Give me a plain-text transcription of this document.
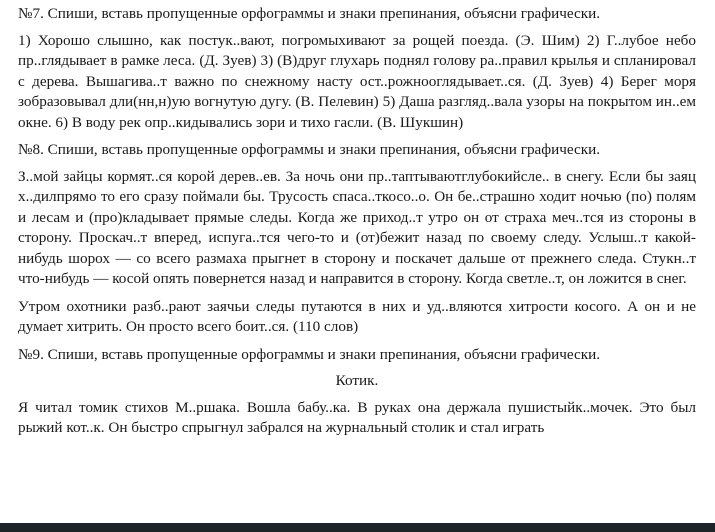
№7. Спиши, вставь пропущенные орфограммы и знаки препинания, объясни графически.

1) Хорошо слышно, как постук..вают, погромыхивают за рощей поезда. (Э. Шим) 2) Г..лубое небо пр..глядывает в рамке леса. (Д. Зуев) 3) (В)друг глухарь поднял голову ра..правил крылья и спланировал с дерева. Вышагива..т важно по снежному насту ост..рожнооглядывает..ся. (Д. Зуев) 4) Берег моря зобразовывал дли(нн,н)ую вогнутую дугу. (В. Пелевин) 5) Даша разгляд..вала узоры на покрытом ин..ем окне. 6) В воду рек опр..кидывались зори и тихо гасли. (В. Шукшин)

№8. Спиши, вставь пропущенные орфограммы и знаки препинания, объясни графически.

З..мой зайцы кормят..ся корой дерев..ев. За ночь они пр..таптываютглубокийсле.. в снегу. Если бы заяц х..дилпрямо то его сразу поймали бы. Трусость спаса..ткосо..о. Он бе..страшно ходит ночью (по) полям и лесам и (про)кладывает прямые следы. Когда же приход..т утро он от страха меч..тся из стороны в сторону. Проскач..т вперед, испуга..тся чего-то и (от)бежит назад по своему следу. Услыш..т какой-нибудь шорох — со всего размаха прыгнет в сторону и поскачет дальше от прежнего следа. Стукн..т что-нибудь — косой опять повернется назад и направится в сторону. Когда светле..т, он ложится в снег.

Утром охотники разб..рают заячьи следы путаются в них и уд..вляются хитрости косого. А он и не думает хитрить. Он просто всего боит..ся. (110 слов)

№9. Спиши, вставь пропущенные орфограммы и знаки препинания, объясни графически.

Котик.

Я читал томик стихов М..ршака. Вошла бабу..ка. В руках она держала пушистыйк..мочек. Это был рыжий кот..к. Он быстро спрыгнул забрался на журнальный столик и стал играть
